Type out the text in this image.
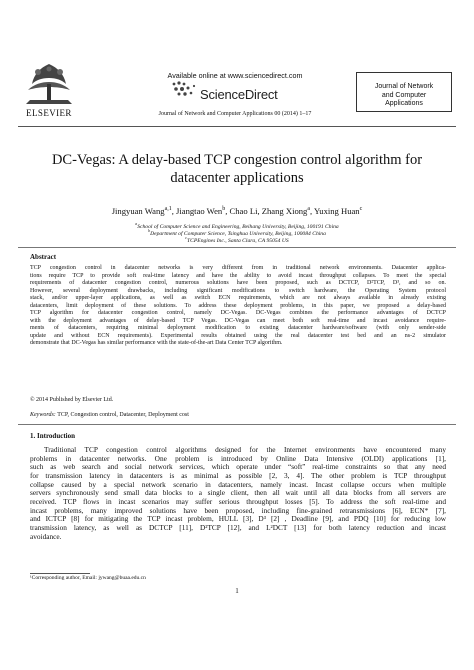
ELSEVIER
Available online at www.sciencedirect.com
ScienceDirect
Journal of Network and Computer Applications 00 (2014) 1–17
Journal of Network
and Computer
Applications
DC-Vegas: A delay-based TCP congestion control algorithm for
datacenter applications
Jingyuan Wang$^{a,1}$, Jiangtao Wen$^b$, Chao Li, Zhang Xiong$^a$, Yuxing Huan$^c$
$^a$School of Computer Science and Engineering, Beihang University, Beijing, 100191 China
$^b$Department of Computer Science, Tsinghua University, Beijing, 100084 China
$^c$TCPEngines Inc., Santa Clara, CA 95054 US
Abstract
TCP congestion control in datacenter networks is very different from in traditional network environments. Datacenter applica-
tions require TCP to provide soft real-time latency and have the ability to avoid incast throughput collapses. To meet the special
requirements of datacenter congestion control, numerous solutions have been proposed, such as DCTCP, D²TCP, D³, and so on.
However, several deployment drawbacks, including significant modifications to switch hardware, the Operating System protocol
stack, and/or upper-layer applications, as well as switch ECN requirements, which are not always available in already existing
datacenters, limit deployment of these solutions. To address these deployment problems, in this paper, we proposed a delay-based
TCP algorithm for datacenter congestion control, namely DC-Vegas. DC-Vegas combines the performance advantages of DCTCP
with the deployment advantages of delay-based TCP Vegas. DC-Vegas can meet both soft real-time and incast avoidance require-
ments of datacenters, requiring minimal deployment modification to existing datacenter hardware/software (with only sender-side
update and without ECN requirements). Experimental results obtained using the real datacenter test bed and an ns-2 simulator
demonstrate that DC-Vegas has similar performance with the state-of-the-art Data Center TCP algorithm.
© 2014 Published by Elsevier Ltd.
Keywords: TCP, Congestion control, Datacenter, Deployment cost
1. Introduction
Traditional TCP congestion control algorithms designed for the Internet environments have encountered many
problems in datacenter networks. One problem is introduced by Online Data Intensive (OLDI) applications [1],
such as web search and social network services, which operate under “soft” real-time constraints so that any need
for transmission latency in datacenters is as minimal as possible [2, 3, 4]. The other problem is TCP throughput
collapse caused by a special network scenario in datacenters, namely incast. Incast collapse occurs when multiple
servers synchronously send small data blocks to a single client, then all wait until all data blocks from all servers are
received. TCP flows in incast scenarios may suffer serious throughput losses [5]. To address the soft real-time and
incast problems, many improved solutions have been proposed, including fine-grained retransmissions [6], ECN* [7],
and ICTCP [8] for mitigating the TCP incast problem, HULL [3], D³ [2] , Deadline [9], and PDQ [10] for reducing low
transmission latency, as well as DCTCP [11], D²TCP [12], and L²DCT [13] for both latency reduction and incast
avoidance.
¹Corresponding author, Email: jywang@buaa.edu.cn
1
